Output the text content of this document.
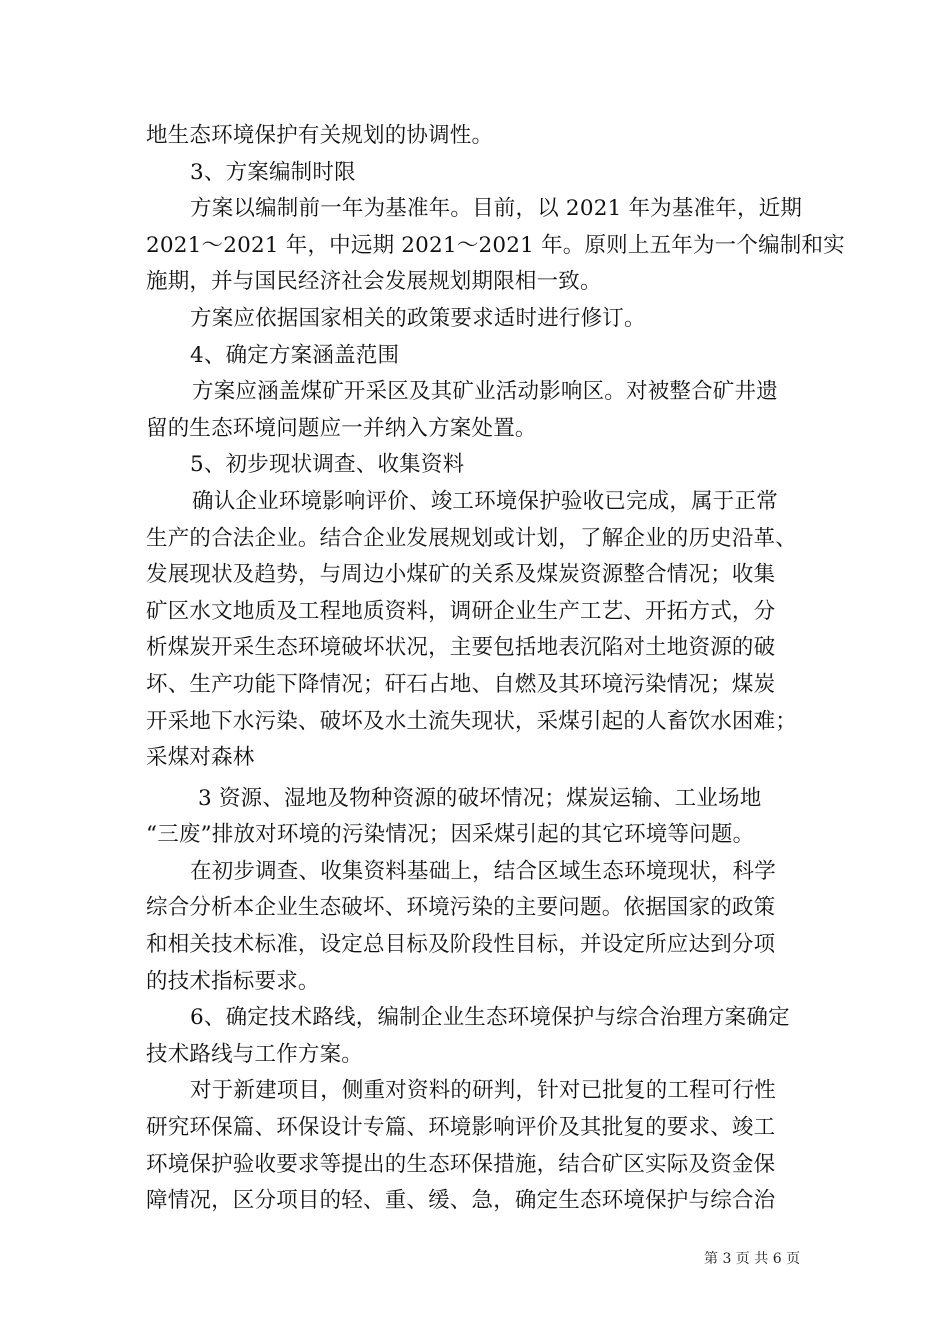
地生态环境保护有关规划的协调性。
3、方案编制时限
方案以编制前一年为基准年。目前，以 2021 年为基准年，近期
2021～2021 年，中远期 2021～2021 年。原则上五年为一个编制和实
施期，并与国民经济社会发展规划期限相一致。
方案应依据国家相关的政策要求适时进行修订。
4、确定方案涵盖范围
方案应涵盖煤矿开采区及其矿业活动影响区。对被整合矿井遗
留的生态环境问题应一并纳入方案处置。
5、初步现状调查、收集资料
确认企业环境影响评价、竣工环境保护验收已完成，属于正常
生产的合法企业。结合企业发展规划或计划，了解企业的历史沿革、
发展现状及趋势，与周边小煤矿的关系及煤炭资源整合情况；收集
矿区水文地质及工程地质资料，调研企业生产工艺、开拓方式，分
析煤炭开采生态环境破坏状况，主要包括地表沉陷对土地资源的破
坏、生产功能下降情况；矸石占地、自燃及其环境污染情况；煤炭
开采地下水污染、破坏及水土流失现状，采煤引起的人畜饮水困难；
采煤对森林
3 资源、湿地及物种资源的破坏情况；煤炭运输、工业场地
“三废”排放对环境的污染情况；因采煤引起的其它环境等问题。
在初步调查、收集资料基础上，结合区域生态环境现状，科学
综合分析本企业生态破坏、环境污染的主要问题。依据国家的政策
和相关技术标准，设定总目标及阶段性目标，并设定所应达到分项
的技术指标要求。
6、确定技术路线，编制企业生态环境保护与综合治理方案确定
技术路线与工作方案。
对于新建项目，侧重对资料的研判，针对已批复的工程可行性
研究环保篇、环保设计专篇、环境影响评价及其批复的要求、竣工
环境保护验收要求等提出的生态环保措施，结合矿区实际及资金保
障情况，区分项目的轻、重、缓、急，确定生态环境保护与综合治
第 3 页 共 6 页
